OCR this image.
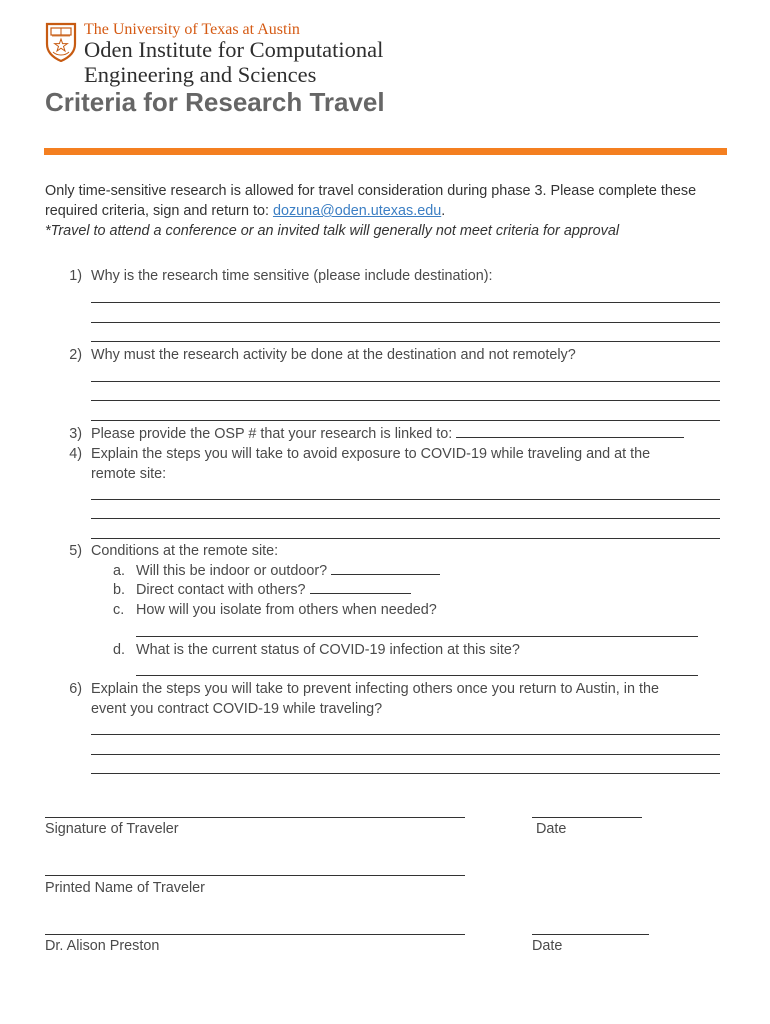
The University of Texas at Austin
Oden Institute for Computational
Engineering and Sciences
Criteria for Research Travel
Only time-sensitive research is allowed for travel consideration during phase 3. Please complete these required criteria, sign and return to: dozuna@oden.utexas.edu.
*Travel to attend a conference or an invited talk will generally not meet criteria for approval
1) Why is the research time sensitive (please include destination):
2) Why must the research activity be done at the destination and not remotely?
3) Please provide the OSP # that your research is linked to:
4) Explain the steps you will take to avoid exposure to COVID-19 while traveling and at the
remote site:
5) Conditions at the remote site:
a. Will this be indoor or outdoor?
b. Direct contact with others?
c. How will you isolate from others when needed?
d. What is the current status of COVID-19 infection at this site?
6) Explain the steps you will take to prevent infecting others once you return to Austin, in the
event you contract COVID-19 while traveling?
Signature of Traveler	Date
Printed Name of Traveler
Dr. Alison Preston	Date
